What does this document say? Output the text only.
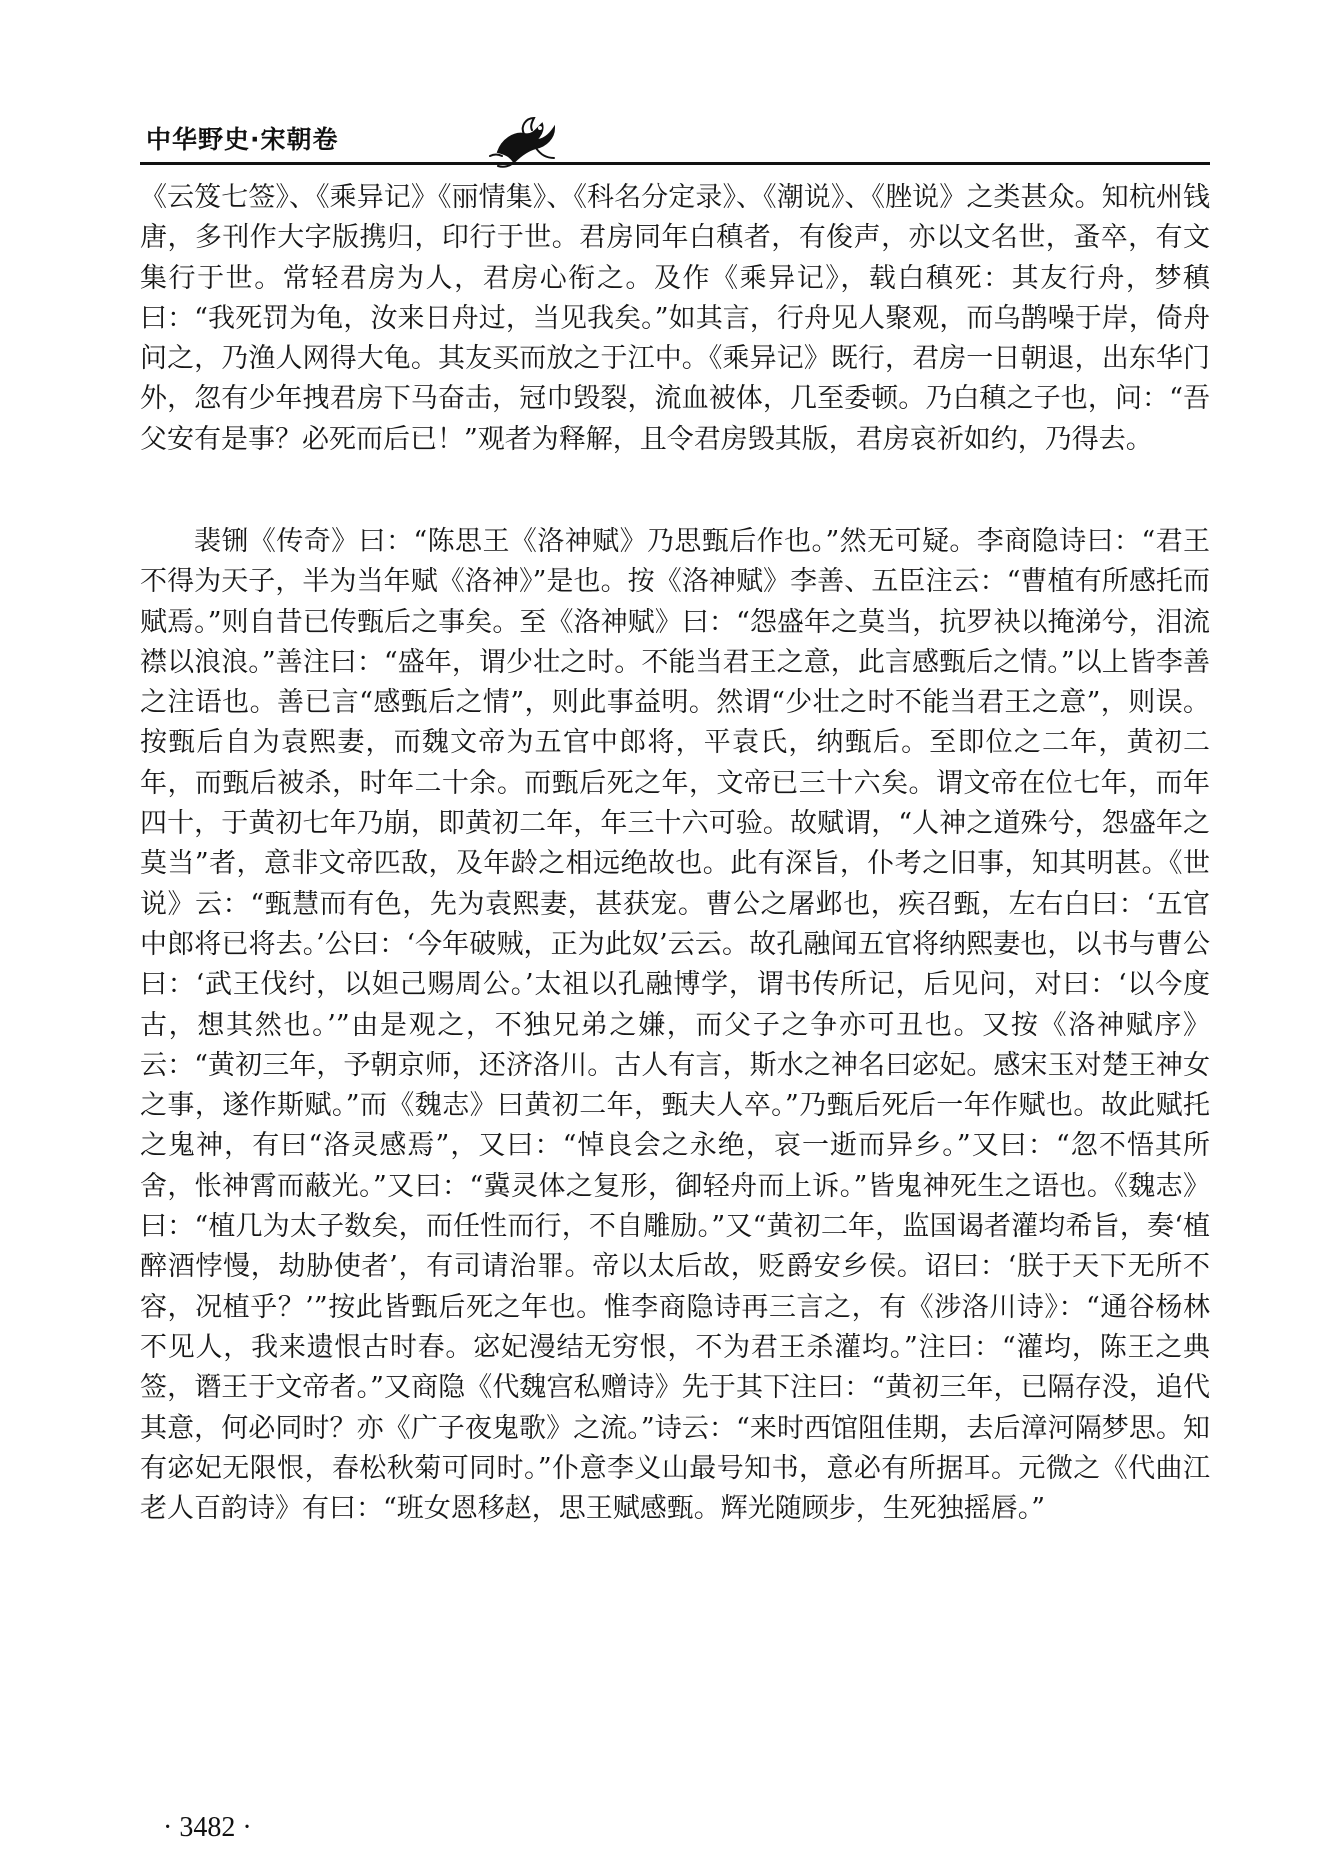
中华野史·宋朝卷

《云笈七签》、《乘异记》《丽情集》、《科名分定录》、《潮说》、《脞说》之类甚众。知杭州钱唐，多刊作大字版携归，印行于世。君房同年白稹者，有俊声，亦以文名世，蚤卒，有文集行于世。常轻君房为人，君房心衔之。及作《乘异记》，载白稹死：其友行舟，梦稹曰：“我死罚为龟，汝来日舟过，当见我矣。”如其言，行舟见人聚观，而乌鹊噪于岸，倚舟问之，乃渔人网得大龟。其友买而放之于江中。《乘异记》既行，君房一日朝退，出东华门外，忽有少年拽君房下马奋击，冠巾毁裂，流血被体，几至委顿。乃白稹之子也，问：“吾父安有是事？必死而后已！”观者为释解，且令君房毁其版，君房哀祈如约，乃得去。

裴铏《传奇》曰：“陈思王《洛神赋》乃思甄后作也。”然无可疑。李商隐诗曰：“君王不得为天子，半为当年赋《洛神》”是也。按《洛神赋》李善、五臣注云：“曹植有所感托而赋焉。”则自昔已传甄后之事矣。至《洛神赋》曰：“怨盛年之莫当，抗罗袂以掩涕兮，泪流襟以浪浪。”善注曰：“盛年，谓少壮之时。不能当君王之意，此言感甄后之情。”以上皆李善之注语也。善已言“感甄后之情”，则此事益明。然谓“少壮之时不能当君王之意”，则误。按甄后自为袁熙妻，而魏文帝为五官中郎将，平袁氏，纳甄后。至即位之二年，黄初二年，而甄后被杀，时年二十余。而甄后死之年，文帝已三十六矣。谓文帝在位七年，而年四十，于黄初七年乃崩，即黄初二年，年三十六可验。故赋谓，“人神之道殊兮，怨盛年之莫当”者，意非文帝匹敌，及年龄之相远绝故也。此有深旨，仆考之旧事，知其明甚。《世说》云：“甄慧而有色，先为袁熙妻，甚获宠。曹公之屠邺也，疾召甄，左右白曰：‘五官中郎将已将去。’公曰：‘今年破贼，正为此奴’云云。故孔融闻五官将纳熙妻也，以书与曹公曰：‘武王伐纣，以妲己赐周公。’太祖以孔融博学，谓书传所记，后见问，对曰：‘以今度古，想其然也。’”由是观之，不独兄弟之嫌，而父子之争亦可丑也。又按《洛神赋序》云：“黄初三年，予朝京师，还济洛川。古人有言，斯水之神名曰宓妃。感宋玉对楚王神女之事，遂作斯赋。”而《魏志》曰黄初二年，甄夫人卒。”乃甄后死后一年作赋也。故此赋托之鬼神，有曰“洛灵感焉”，又曰：“悼良会之永绝，哀一逝而异乡。”又曰：“忽不悟其所舍，怅神霄而蔽光。”又曰：“冀灵体之复形，御轻舟而上诉。”皆鬼神死生之语也。《魏志》曰：“植几为太子数矣，而任性而行，不自雕励。”又“黄初二年，监国谒者灌均希旨，奏‘植醉酒悖慢，劫胁使者’，有司请治罪。帝以太后故，贬爵安乡侯。诏曰：‘朕于天下无所不容，况植乎？’”按此皆甄后死之年也。惟李商隐诗再三言之，有《涉洛川诗》：“通谷杨林不见人，我来遗恨古时春。宓妃漫结无穷恨，不为君王杀灌均。”注曰：“灌均，陈王之典签，谮王于文帝者。”又商隐《代魏宫私赠诗》先于其下注曰：“黄初三年，已隔存没，追代其意，何必同时？亦《广子夜鬼歌》之流。”诗云：“来时西馆阻佳期，去后漳河隔梦思。知有宓妃无限恨，春松秋菊可同时。”仆意李义山最号知书，意必有所据耳。元微之《代曲江老人百韵诗》有曰：“班女恩移赵，思王赋感甄。辉光随顾步，生死独摇唇。”

· 3482 ·
